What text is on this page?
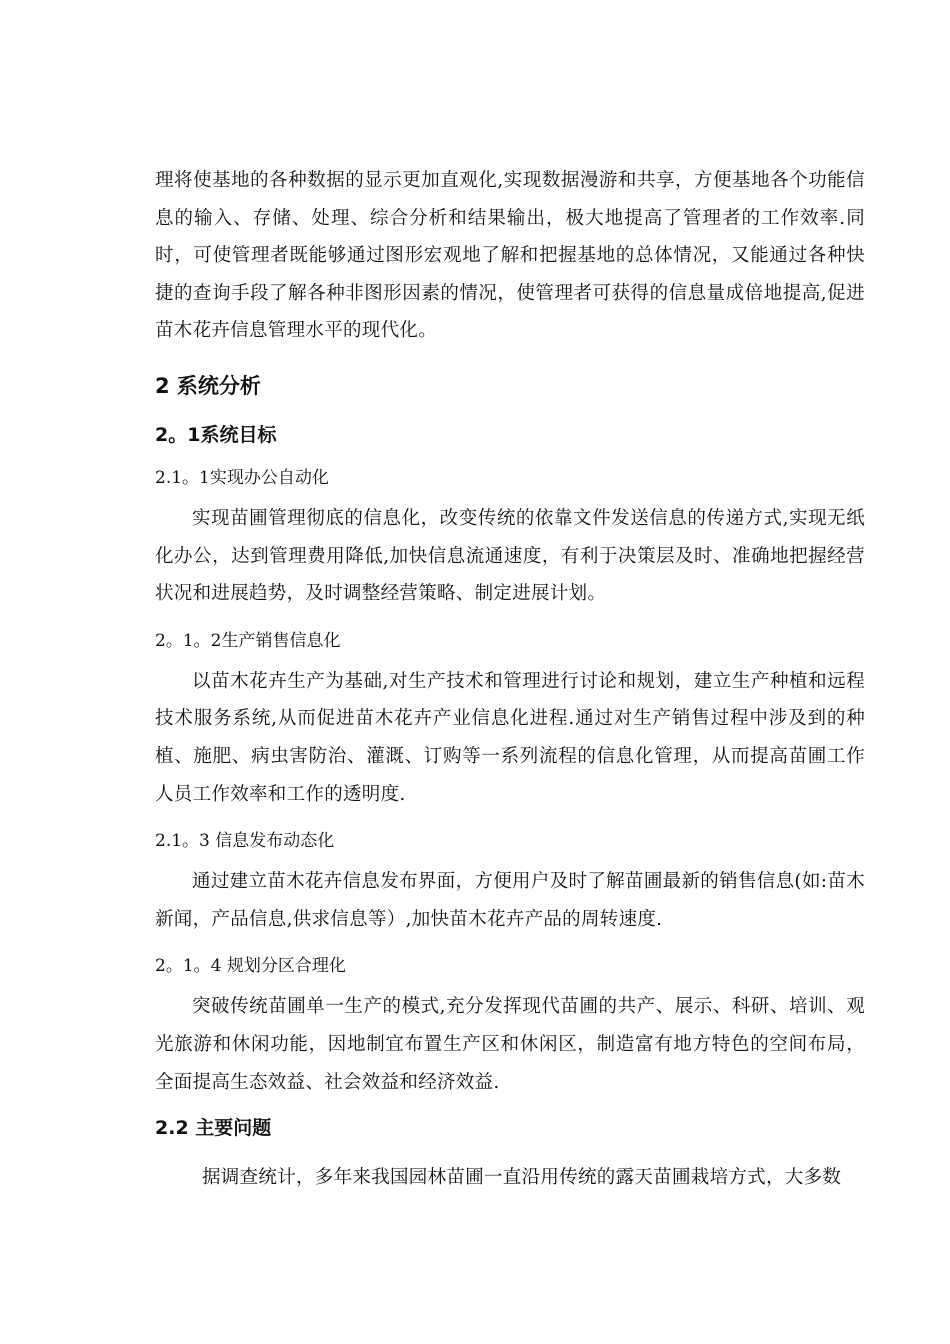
理将使基地的各种数据的显示更加直观化,实现数据漫游和共享，方便基地各个功能信息的输入、存储、处理、综合分析和结果输出，极大地提高了管理者的工作效率.同时，可使管理者既能够通过图形宏观地了解和把握基地的总体情况，又能通过各种快捷的查询手段了解各种非图形因素的情况，使管理者可获得的信息量成倍地提高,促进苗木花卉信息管理水平的现代化。

2 系统分析
2。1系统目标
2.1。1实现办公自动化

实现苗圃管理彻底的信息化，改变传统的依靠文件发送信息的传递方式,实现无纸化办公，达到管理费用降低,加快信息流通速度，有利于决策层及时、准确地把握经营状况和进展趋势，及时调整经营策略、制定进展计划。

2。1。2生产销售信息化

以苗木花卉生产为基础,对生产技术和管理进行讨论和规划，建立生产种植和远程技术服务系统,从而促进苗木花卉产业信息化进程.通过对生产销售过程中涉及到的种植、施肥、病虫害防治、灌溉、订购等一系列流程的信息化管理，从而提高苗圃工作人员工作效率和工作的透明度.

2.1。3 信息发布动态化

通过建立苗木花卉信息发布界面，方便用户及时了解苗圃最新的销售信息(如:苗木新闻，产品信息,供求信息等）,加快苗木花卉产品的周转速度.

2。1。4 规划分区合理化

突破传统苗圃单一生产的模式,充分发挥现代苗圃的共产、展示、科研、培训、观光旅游和休闲功能，因地制宜布置生产区和休闲区，制造富有地方特色的空间布局，全面提高生态效益、社会效益和经济效益.

2.2 主要问题

据调查统计，多年来我国园林苗圃一直沿用传统的露天苗圃栽培方式，大多数
